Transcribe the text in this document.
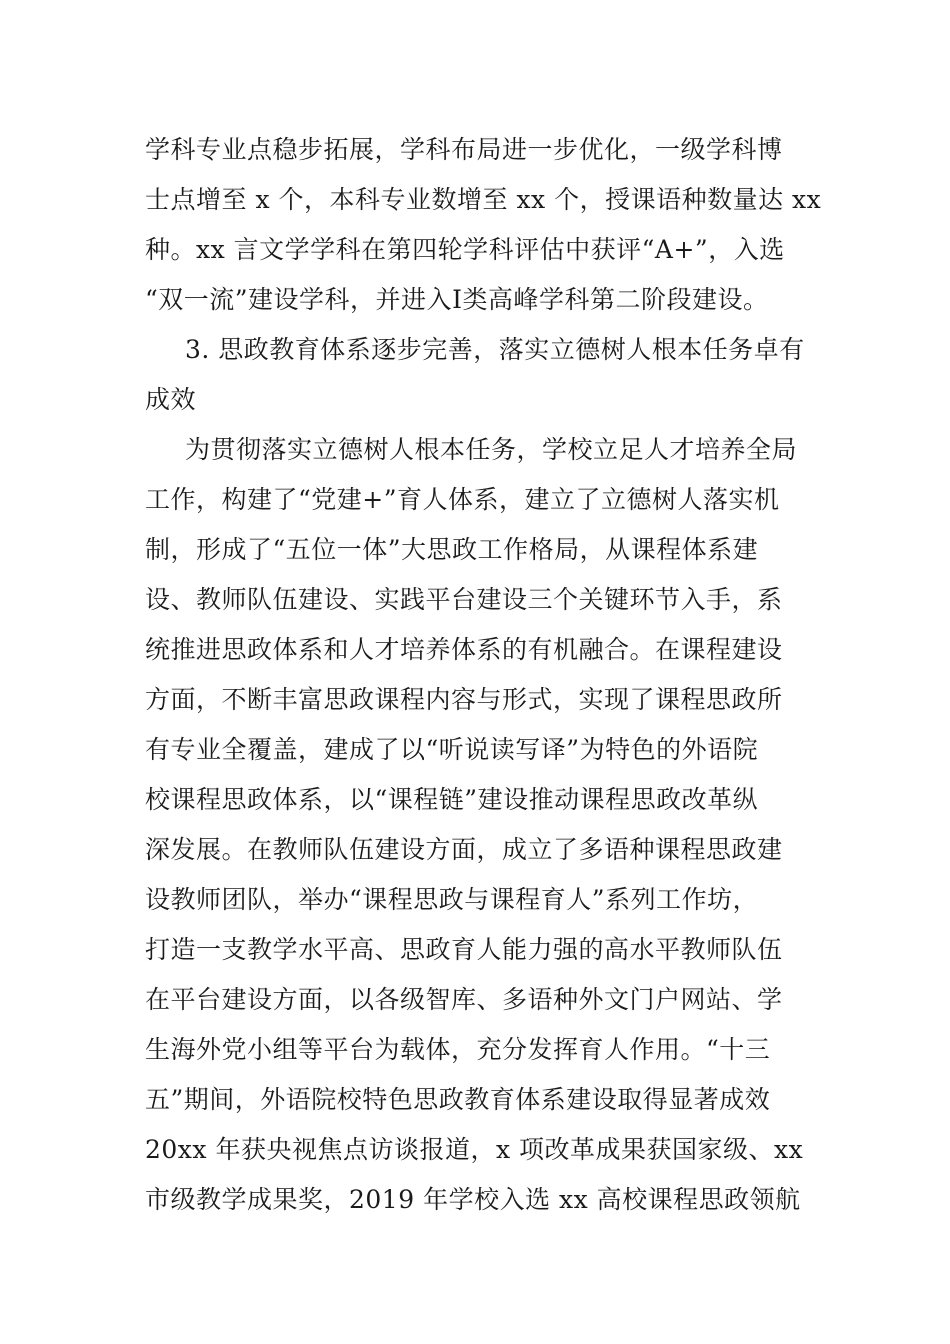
学科专业点稳步拓展，学科布局进一步优化，一级学科博
士点增至 x 个，本科专业数增至 xx 个，授课语种数量达 xx
种。xx 言文学学科在第四轮学科评估中获评“A+”，入选
“双一流”建设学科，并进入Ⅰ类高峰学科第二阶段建设。
3. 思政教育体系逐步完善，落实立德树人根本任务卓有
成效
为贯彻落实立德树人根本任务，学校立足人才培养全局
工作，构建了“党建+”育人体系，建立了立德树人落实机
制，形成了“五位一体”大思政工作格局，从课程体系建
设、教师队伍建设、实践平台建设三个关键环节入手，系
统推进思政体系和人才培养体系的有机融合。在课程建设
方面，不断丰富思政课程内容与形式，实现了课程思政所
有专业全覆盖，建成了以“听说读写译”为特色的外语院
校课程思政体系，以“课程链”建设推动课程思政改革纵
深发展。在教师队伍建设方面，成立了多语种课程思政建
设教师团队，举办“课程思政与课程育人”系列工作坊，
打造一支教学水平高、思政育人能力强的高水平教师队伍
在平台建设方面，以各级智库、多语种外文门户网站、学
生海外党小组等平台为载体，充分发挥育人作用。“十三
五”期间，外语院校特色思政教育体系建设取得显著成效
20xx 年获央视焦点访谈报道，x 项改革成果获国家级、xx
市级教学成果奖，2019 年学校入选 xx 高校课程思政领航
